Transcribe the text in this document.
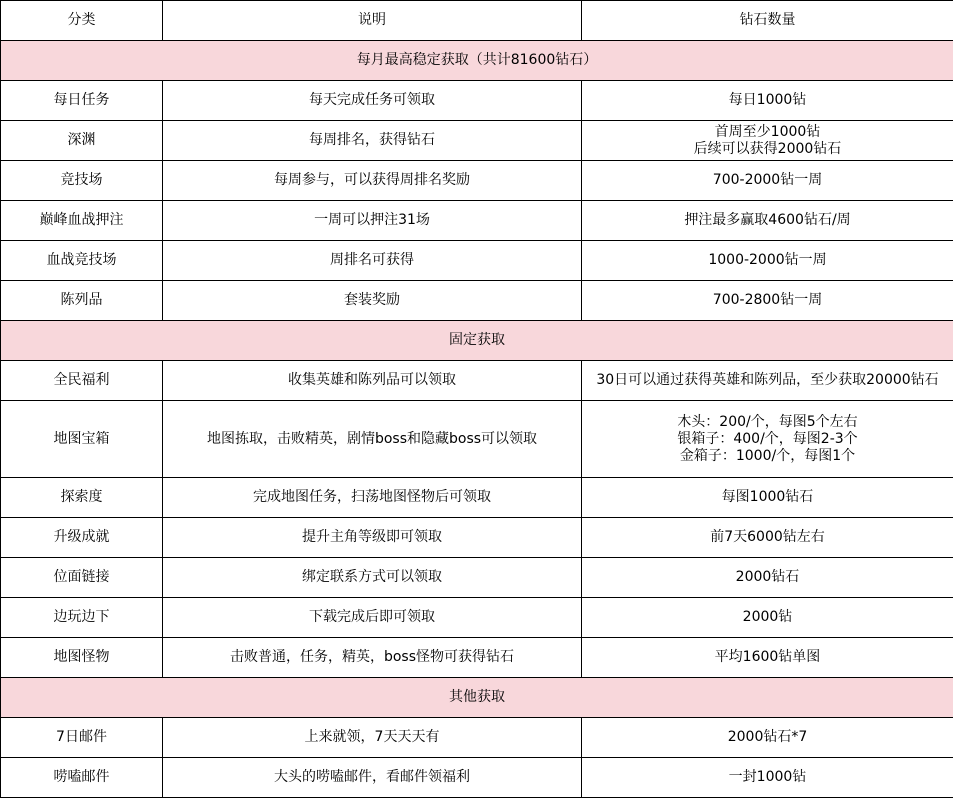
分类	说明	钻石数量
每月最高稳定获取（共计81600钻石）		
每日任务	每天完成任务可领取	每日1000钻

深渊	每周排名，获得钻石	首周至少1000钻
后续可以获得2000钻石

竞技场	每周参与，可以获得周排名奖励	700-2000钻一周

巅峰血战押注	一周可以押注31场	押注最多赢取4600钻石/周

血战竞技场	周排名可获得	1000-2000钻一周

陈列品	套装奖励	700-2800钻一周

固定获取		
全民福利	收集英雄和陈列品可以领取	30日可以通过获得英雄和陈列品，至少获取20000钻石

地图宝箱	地图拣取，击败精英，剧情boss和隐藏boss可以领取	木头：200/个，每图5个左右
银箱子：400/个，每图2-3个
金箱子：1000/个，每图1个

探索度	完成地图任务，扫荡地图怪物后可领取	每图1000钻石

升级成就	提升主角等级即可领取	前7天6000钻左右

位面链接	绑定联系方式可以领取	2000钻石

边玩边下	下载完成后即可领取	2000钻

地图怪物	击败普通，任务，精英，boss怪物可获得钻石	平均1600钻单图

其他获取		
7日邮件	上来就领，7天天天有	2000钻石*7

唠嗑邮件	大头的唠嗑邮件，看邮件领福利	一封1000钻
